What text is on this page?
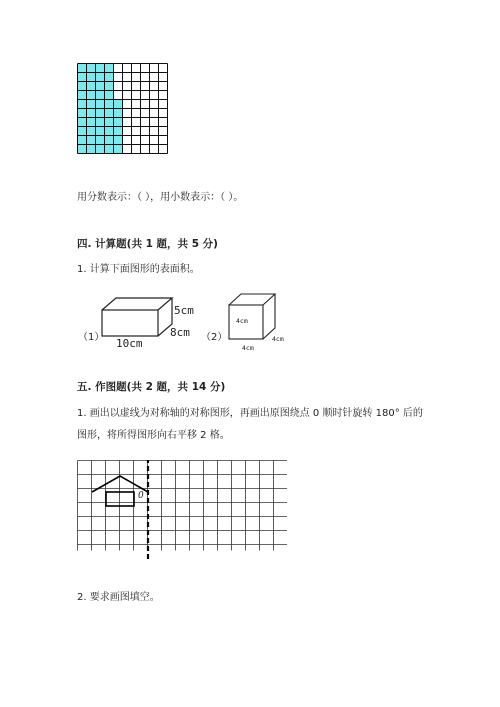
用分数表示：（ ），用小数表示：（ ）。
四. 计算题(共 1 题，共 5 分)
1. 计算下面图形的表面积。
（1）
5cm
8cm
10cm	（2）
4cm
4cm
4cm
五. 作图题(共 2 题，共 14 分)
1. 画出以虚线为对称轴的对称图形，再画出原图绕点 0 顺时针旋转 180° 后的
图形，将所得图形向右平移 2 格。
0
2. 要求画图填空。
